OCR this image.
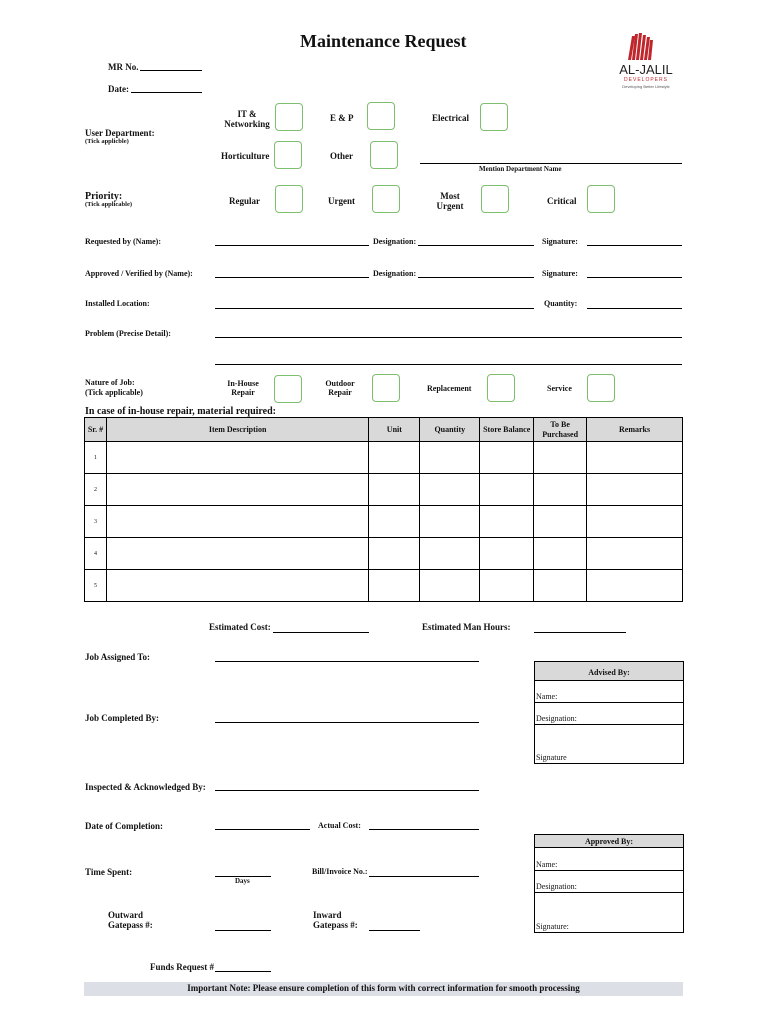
Maintenance Request
AL-JALIL
DEVELOPERS
Developing Better Lifestyle
MR No.
Date:
User Department:
(Tick applicble)
IT & Networking
E & P	Electrical
Horticulture	Other
Mention Department Name
Priority:
(Tick applicable)	Regular	Urgent	Most Urgent	Critical
Requested by (Name):	Designation:	Signature:
Approved / Verified by (Name):	Designation:	Signature:
Installed Location:	Quantity:
Problem (Precise Detail):
Nature of Job:
(Tick applicable)
In-House Repair
Outdoor Repair	Replacement	Service
In case of in-house repair, material required:
Sr. #	Item Description	Unit	Quantity	Store Balance	To Be Purchased	Remarks
1						
2						
3						
4						
5						
Estimated Cost:	Estimated Man Hours:
Job Assigned To:
Job Completed By:
Inspected & Acknowledged By:
Date of Completion:	Actual Cost:
Time Spent:
Days
Bill/Invoice No.:
Outward Gatepass #:
Inward Gatepass #:
Funds Request #
Advised By:
Name:
Designation:
Signature
Approved By:
Name:
Designation:
Signature:
Important Note: Please ensure completion of this form with correct information for smooth processing
